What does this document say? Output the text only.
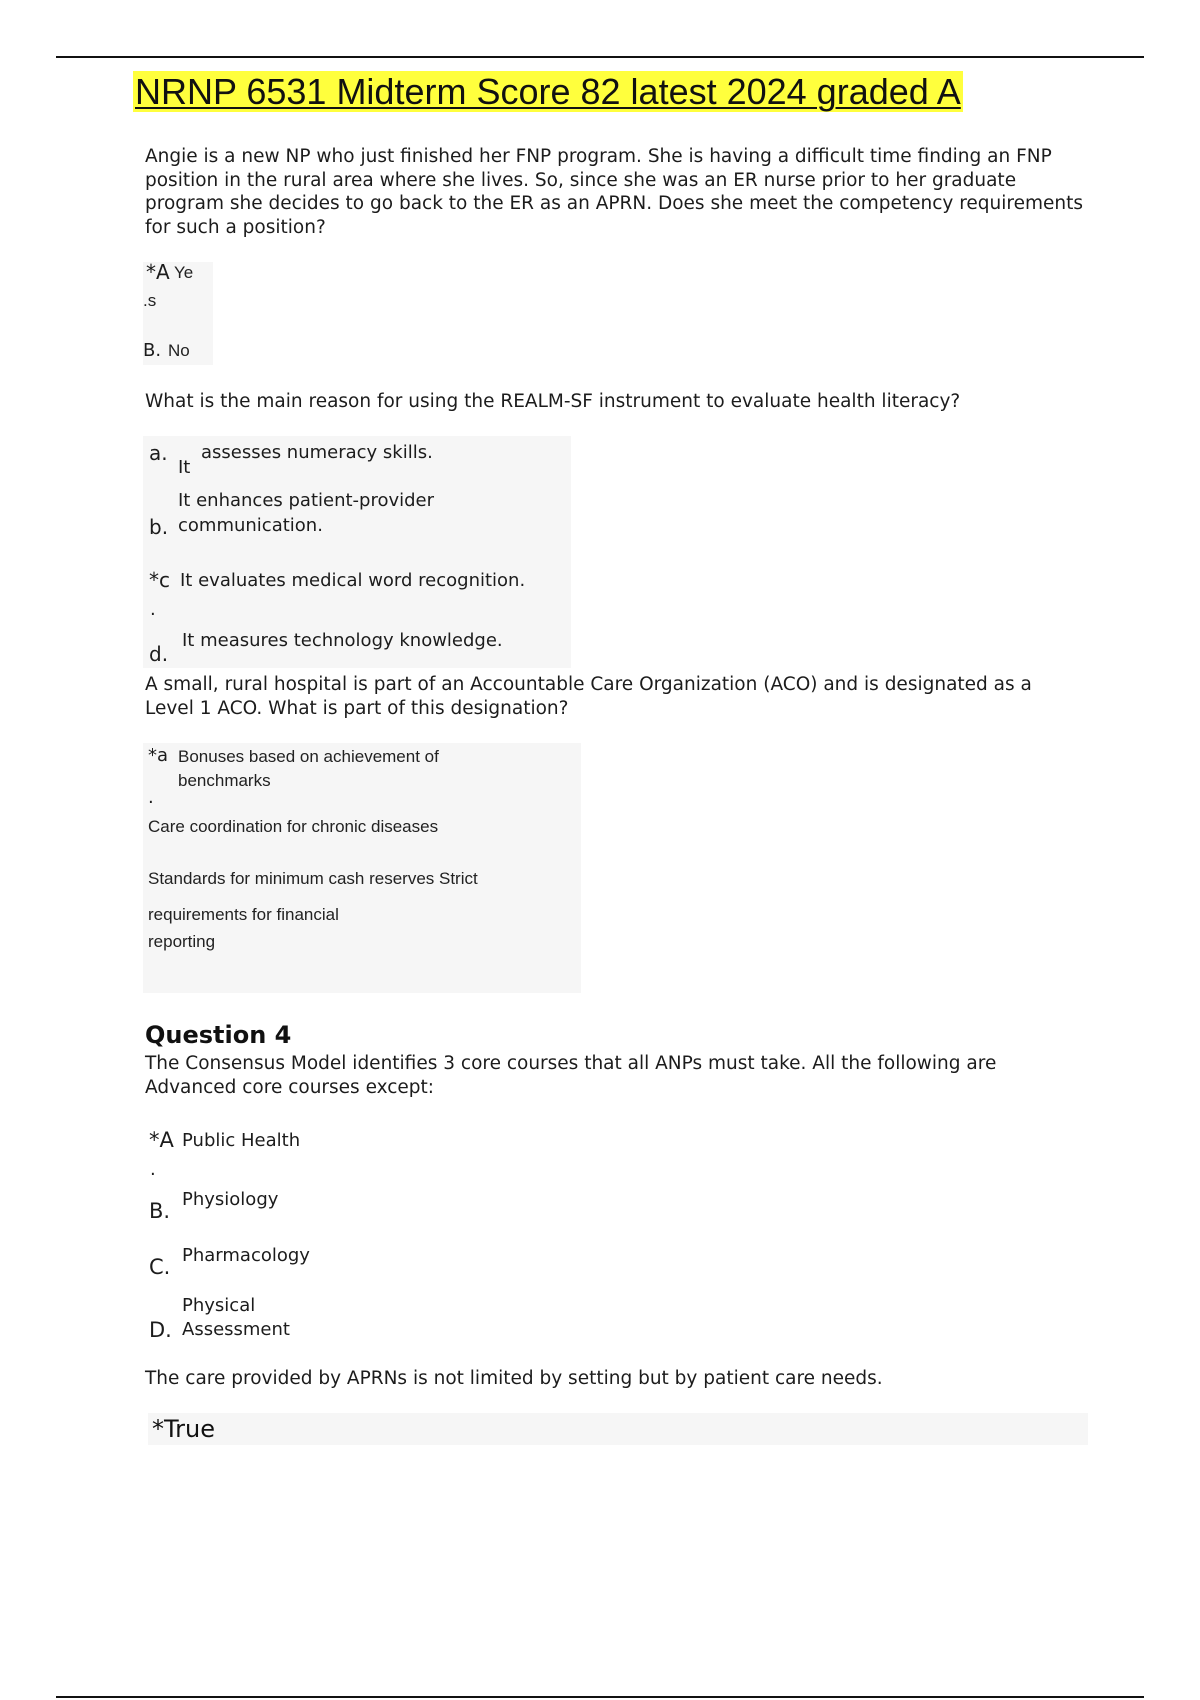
NRNP 6531 Midterm Score 82 latest 2024 graded A
Angie is a new NP who just finished her FNP program. She is having a difficult time finding an FNP position in the rural area where she lives. So, since she was an ER nurse prior to her graduate program she decides to go back to the ER as an APRN. Does she meet the competency requirements for such a position?
*A Ye
.s
B. No
What is the main reason for using the REALM-SF instrument to evaluate health literacy?
a.
It
assesses numeracy skills.
It enhances patient-provider
b. communication.
*c It evaluates medical word recognition.
.
It measures technology knowledge.
d.
A small, rural hospital is part of an Accountable Care Organization (ACO) and is designated as a Level 1 ACO. What is part of this designation?
*a Bonuses based on achievement of
benchmarks
.
Care coordination for chronic diseases
Standards for minimum cash reserves Strict
requirements for financial
reporting
Question 4
The Consensus Model identifies 3 core courses that all ANPs must take. All the following are Advanced core courses except:
*A Public Health
.
Physiology
B.
Pharmacology
C.
Physical
D. Assessment
The care provided by APRNs is not limited by setting but by patient care needs.
*True
